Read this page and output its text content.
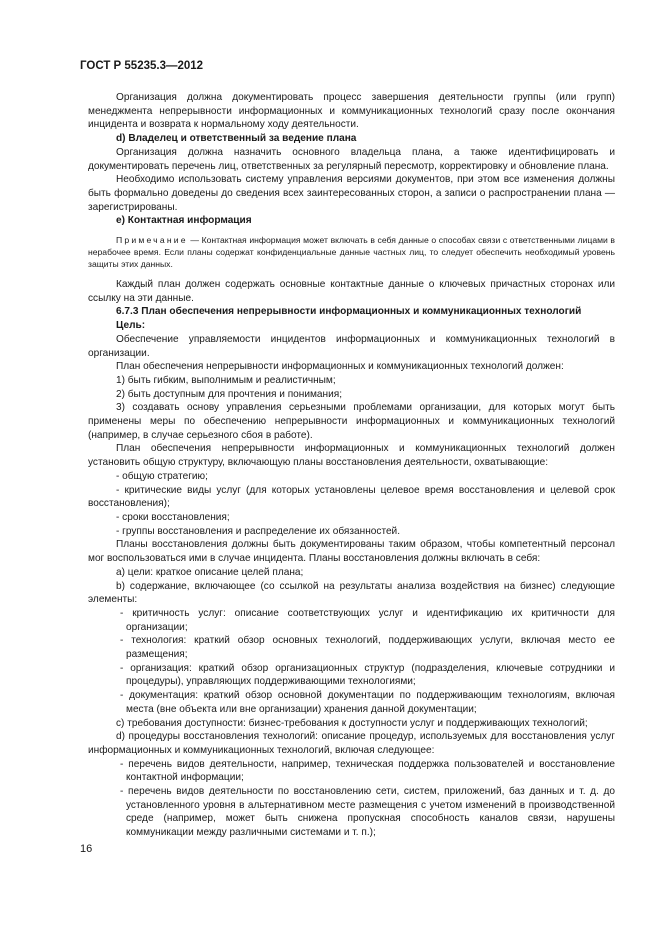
ГОСТ Р 55235.3—2012

Организация должна документировать процесс завершения деятельности группы (или групп) менеджмента непрерывности информационных и коммуникационных технологий сразу после окончания инцидента и возврата к нормальному ходу деятельности.

d) Владелец и ответственный за ведение плана

Организация должна назначить основного владельца плана, а также идентифицировать и документировать перечень лиц, ответственных за регулярный пересмотр, корректировку и обновление плана.

Необходимо использовать систему управления версиями документов, при этом все изменения должны быть формально доведены до сведения всех заинтересованных сторон, а записи о распространении плана — зарегистрированы.

e) Контактная информация

Примечание — Контактная информация может включать в себя данные о способах связи с ответственными лицами в нерабочее время. Если планы содержат конфиденциальные данные частных лиц, то следует обеспечить необходимый уровень защиты этих данных.

Каждый план должен содержать основные контактные данные о ключевых причастных сторонах или ссылку на эти данные.

6.7.3 План обеспечения непрерывности информационных и коммуникационных технологий

Цель:

Обеспечение управляемости инцидентов информационных и коммуникационных технологий в организации.

План обеспечения непрерывности информационных и коммуникационных технологий должен:

1) быть гибким, выполнимым и реалистичным;

2) быть доступным для прочтения и понимания;

3) создавать основу управления серьезными проблемами организации, для которых могут быть применены меры по обеспечению непрерывности информационных и коммуникационных технологий (например, в случае серьезного сбоя в работе).

План обеспечения непрерывности информационных и коммуникационных технологий должен установить общую структуру, включающую планы восстановления деятельности, охватывающие:

- общую стратегию;

- критические виды услуг (для которых установлены целевое время восстановления и целевой срок восстановления);

- сроки восстановления;

- группы восстановления и распределение их обязанностей.

Планы восстановления должны быть документированы таким образом, чтобы компетентный персонал мог воспользоваться ими в случае инцидента. Планы восстановления должны включать в себя:

а) цели: краткое описание целей плана;

b) содержание, включающее (со ссылкой на результаты анализа воздействия на бизнес) следующие элементы:

- критичность услуг: описание соответствующих услуг и идентификацию их критичности для организации;

- технология: краткий обзор основных технологий, поддерживающих услуги, включая место ее размещения;

- организация: краткий обзор организационных структур (подразделения, ключевые сотрудники и процедуры), управляющих поддерживающими технологиями;

- документация: краткий обзор основной документации по поддерживающим технологиям, включая места (вне объекта или вне организации) хранения данной документации;

c) требования доступности: бизнес-требования к доступности услуг и поддерживающих технологий;

d) процедуры восстановления технологий: описание процедур, используемых для восстановления услуг информационных и коммуникационных технологий, включая следующее:

- перечень видов деятельности, например, техническая поддержка пользователей и восстановление контактной информации;

- перечень видов деятельности по восстановлению сети, систем, приложений, баз данных и т. д. до установленного уровня в альтернативном месте размещения с учетом изменений в производственной среде (например, может быть снижена пропускная способность каналов связи, нарушены коммуникации между различными системами и т. п.);

16
